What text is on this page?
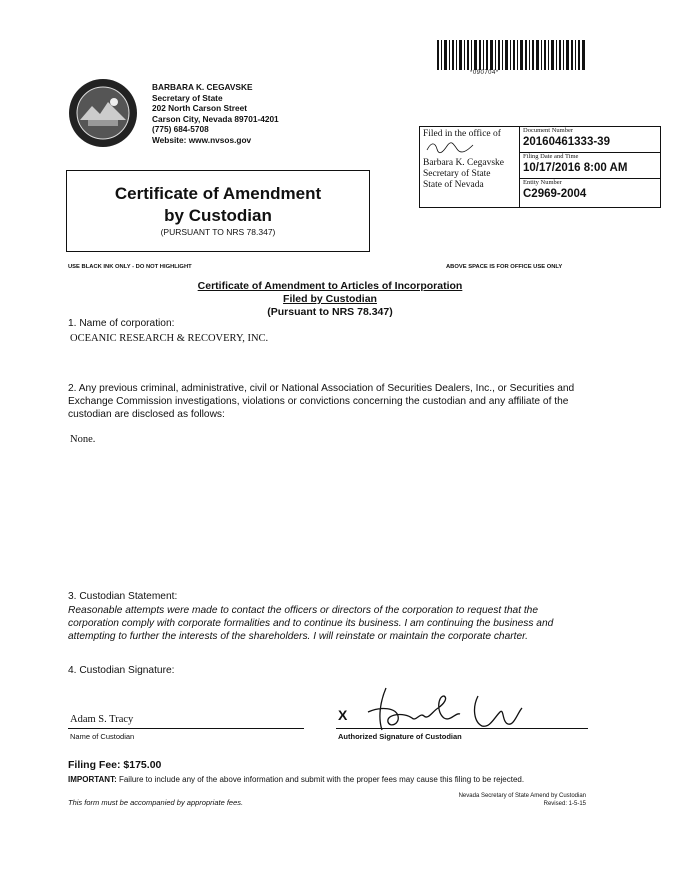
*090704*
BARBARA K. CEGAVSKE
Secretary of State
202 North Carson Street
Carson City, Nevada 89701-4201
(775) 684-5708
Website: www.nvsos.gov
Certificate of Amendment
by Custodian
(PURSUANT TO NRS 78.347)
Filed in the office of
Barbara K. Cegavske
Secretary of State
State of Nevada
Document Number
20160461333-39
Filing Date and Time
10/17/2016 8:00 AM
Entity Number
C2969-2004
USE BLACK INK ONLY - DO NOT HIGHLIGHT	ABOVE SPACE IS FOR OFFICE USE ONLY
Certificate of Amendment to Articles of Incorporation
Filed by Custodian
(Pursuant to NRS 78.347)
1. Name of corporation:
OCEANIC RESEARCH & RECOVERY, INC.
2. Any previous criminal, administrative, civil or National Association of Securities Dealers, Inc., or Securities and Exchange Commission investigations, violations or convictions concerning the custodian and any affiliate of the custodian are disclosed as follows:
None.
3. Custodian Statement:
Reasonable attempts were made to contact the officers or directors of the corporation to request that the corporation comply with corporate formalities and to continue its business. I am continuing the business and attempting to further the interests of the shareholders. I will reinstate or maintain the corporate charter.
4. Custodian Signature:
Adam S. Tracy
Name of Custodian
X
Authorized Signature of Custodian
Filing Fee: $175.00
IMPORTANT: Failure to include any of the above information and submit with the proper fees may cause this filing to be rejected.
This form must be accompanied by appropriate fees.
Nevada Secretary of State Amend by Custodian
Revised: 1-5-15
